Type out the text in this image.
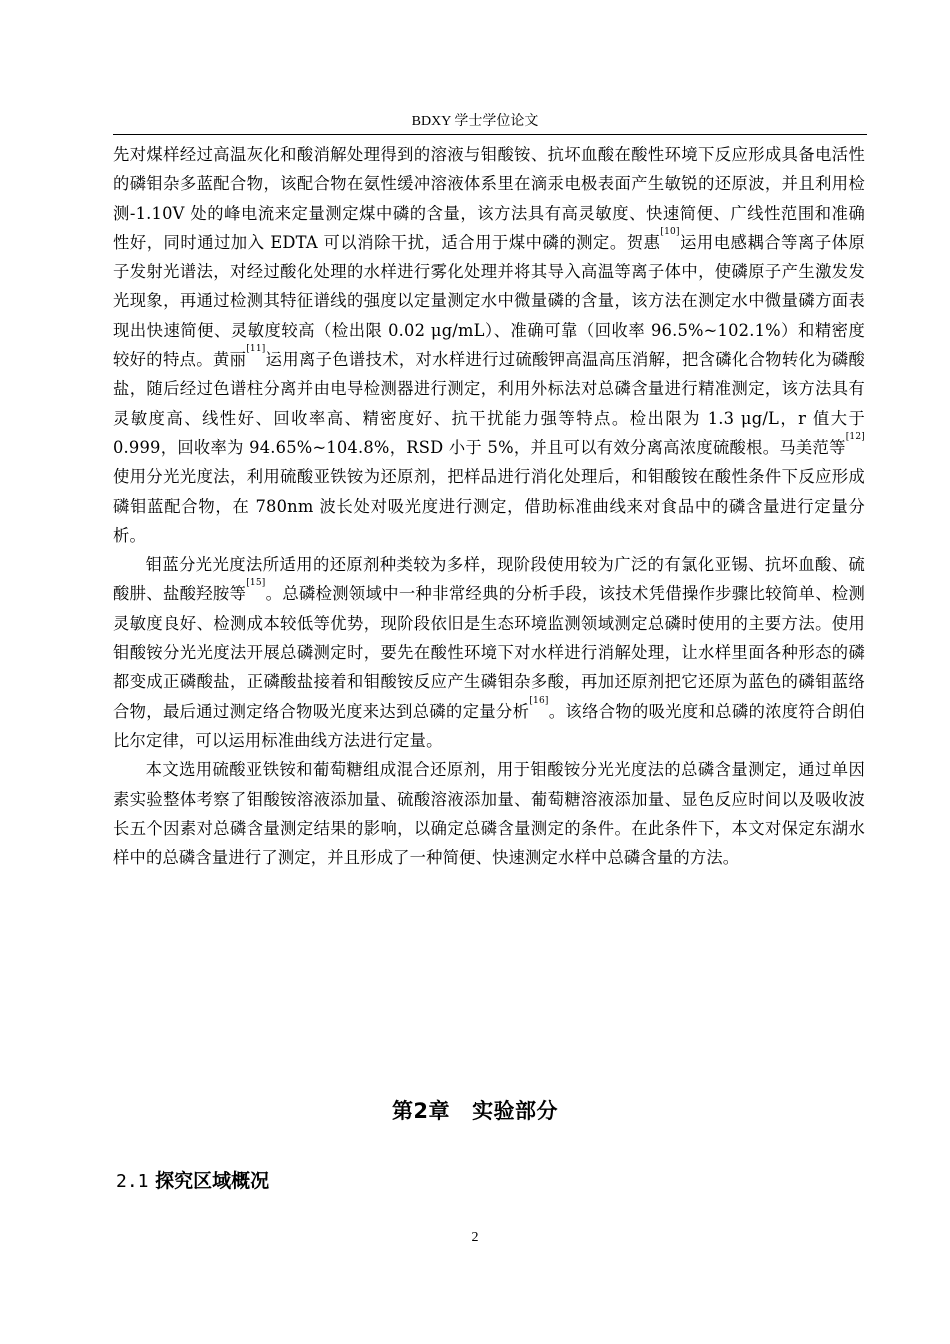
BDXY 学士学位论文

先对煤样经过高温灰化和酸消解处理得到的溶液与钼酸铵、抗坏血酸在酸性环境下反应形成具备电活性的磷钼杂多蓝配合物，该配合物在氨性缓冲溶液体系里在滴汞电极表面产生敏锐的还原波，并且利用检测-1.10V 处的峰电流来定量测定煤中磷的含量，该方法具有高灵敏度、快速简便、广线性范围和准确性好，同时通过加入 EDTA 可以消除干扰，适合用于煤中磷的测定。贺惠[10]运用电感耦合等离子体原子发射光谱法，对经过酸化处理的水样进行雾化处理并将其导入高温等离子体中，使磷原子产生激发发光现象，再通过检测其特征谱线的强度以定量测定水中微量磷的含量，该方法在测定水中微量磷方面表现出快速简便、灵敏度较高（检出限 0.02 μg/mL）、准确可靠（回收率 96.5%~102.1%）和精密度较好的特点。黄丽[11]运用离子色谱技术，对水样进行过硫酸钾高温高压消解，把含磷化合物转化为磷酸盐，随后经过色谱柱分离并由电导检测器进行测定，利用外标法对总磷含量进行精准测定，该方法具有灵敏度高、线性好、回收率高、精密度好、抗干扰能力强等特点。检出限为 1.3 μg/L，r 值大于 0.999，回收率为 94.65%~104.8%，RSD 小于 5%，并且可以有效分离高浓度硫酸根。马美范等[12]使用分光光度法，利用硫酸亚铁铵为还原剂，把样品进行消化处理后，和钼酸铵在酸性条件下反应形成磷钼蓝配合物，在 780nm 波长处对吸光度进行测定，借助标准曲线来对食品中的磷含量进行定量分析。

钼蓝分光光度法所适用的还原剂种类较为多样，现阶段使用较为广泛的有氯化亚锡、抗坏血酸、硫酸肼、盐酸羟胺等[15]。总磷检测领域中一种非常经典的分析手段，该技术凭借操作步骤比较简单、检测灵敏度良好、检测成本较低等优势，现阶段依旧是生态环境监测领域测定总磷时使用的主要方法。使用钼酸铵分光光度法开展总磷测定时，要先在酸性环境下对水样进行消解处理，让水样里面各种形态的磷都变成正磷酸盐，正磷酸盐接着和钼酸铵反应产生磷钼杂多酸，再加还原剂把它还原为蓝色的磷钼蓝络合物，最后通过测定络合物吸光度来达到总磷的定量分析[16]。该络合物的吸光度和总磷的浓度符合朗伯比尔定律，可以运用标准曲线方法进行定量。

本文选用硫酸亚铁铵和葡萄糖组成混合还原剂，用于钼酸铵分光光度法的总磷含量测定，通过单因素实验整体考察了钼酸铵溶液添加量、硫酸溶液添加量、葡萄糖溶液添加量、显色反应时间以及吸收波长五个因素对总磷含量测定结果的影响，以确定总磷含量测定的条件。在此条件下，本文对保定东湖水样中的总磷含量进行了测定，并且形成了一种简便、快速测定水样中总磷含量的方法。

第2章 实验部分
2.1 探究区域概况
2
